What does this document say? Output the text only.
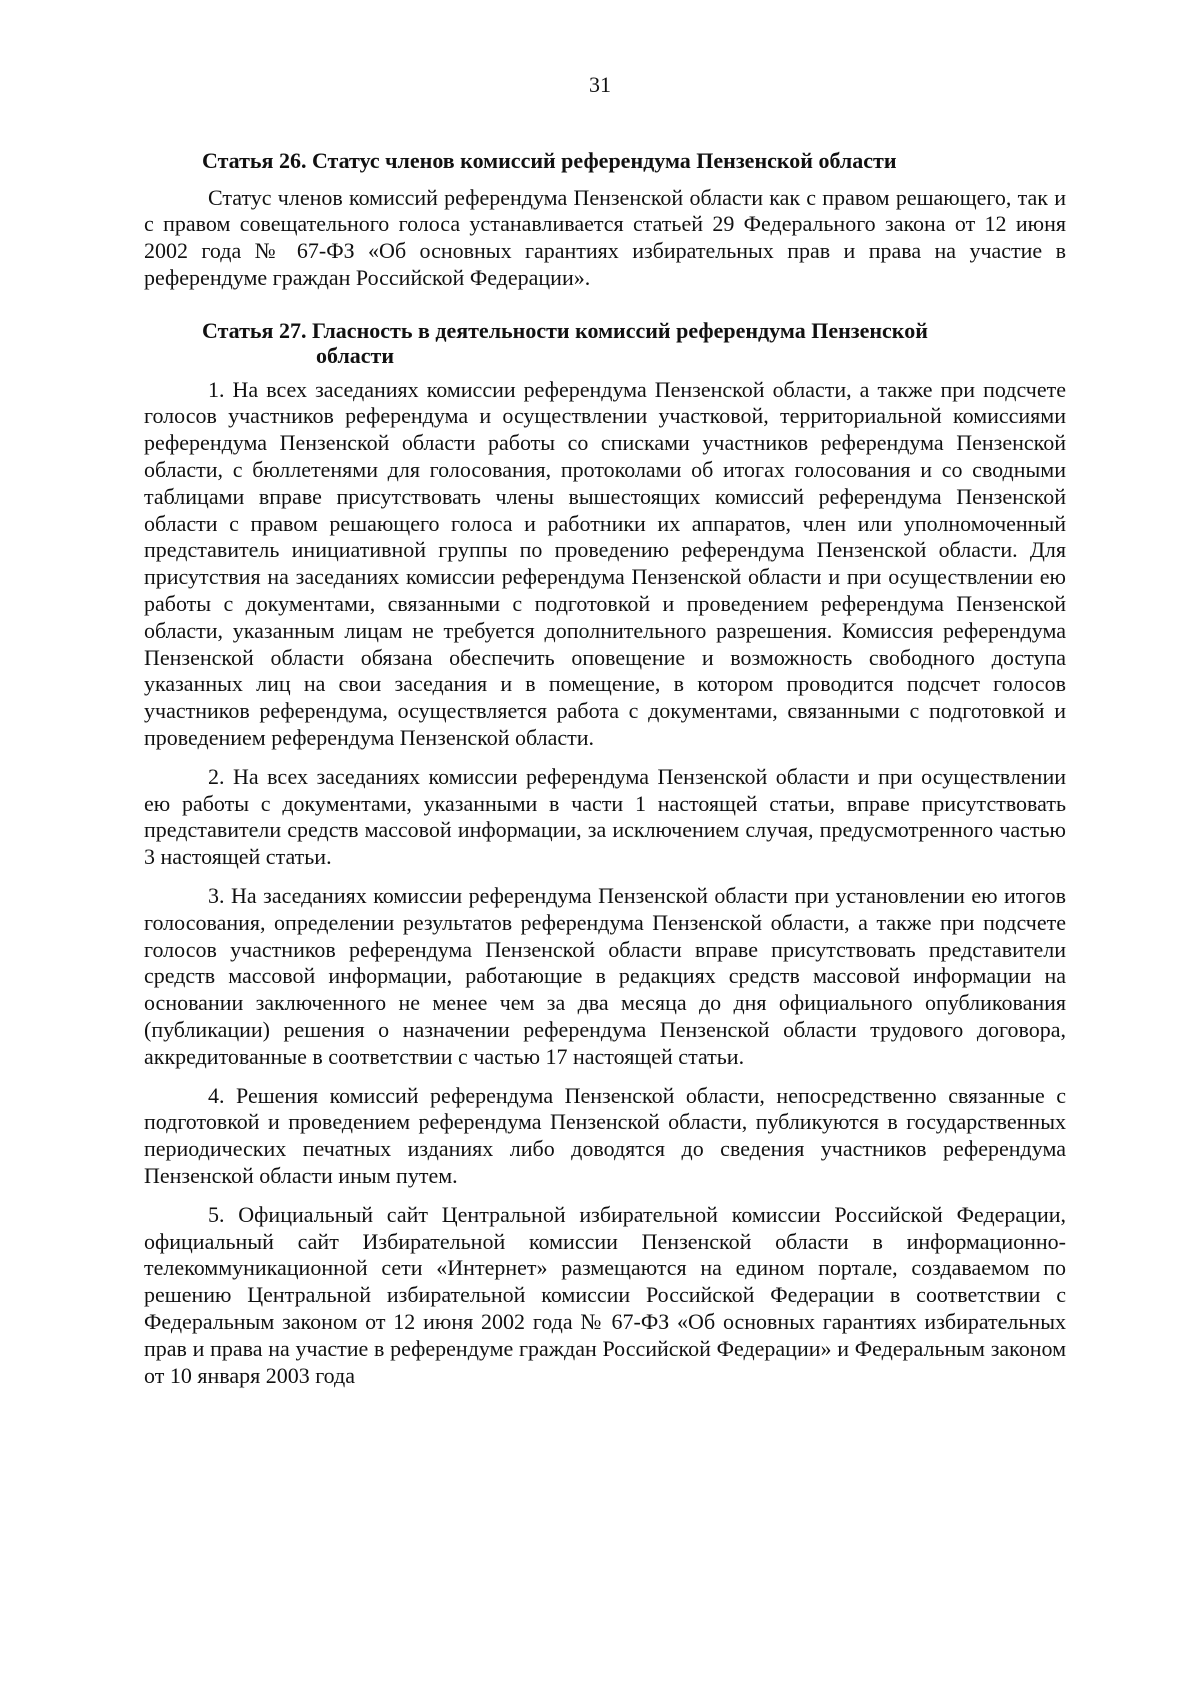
31
Статья 26. Статус членов комиссий референдума Пензенской области

Статус членов комиссий референдума Пензенской области как с правом решающего, так и с правом совещательного голоса устанавливается статьей 29 Федерального закона от 12 июня 2002 года № 67-ФЗ «Об основных гарантиях избирательных прав и права на участие в референдуме граждан Российской Федерации».

Статья 27. Гласность в деятельности комиссий референдума Пензенской
области

1. На всех заседаниях комиссии референдума Пензенской области, а также при подсчете голосов участников референдума и осуществлении участковой, территориальной комиссиями референдума Пензенской области работы со списками участников референдума Пензенской области, с бюллетенями для голосования, протоколами об итогах голосования и со сводными таблицами вправе присутствовать члены вышестоящих комиссий референдума Пензенской области с правом решающего голоса и работники их аппаратов, член или уполномоченный представитель инициативной группы по проведению референдума Пензенской области. Для присутствия на заседаниях комиссии референдума Пензенской области и при осуществлении ею работы с документами, связанными с подготовкой и проведением референдума Пензенской области, указанным лицам не требуется дополнительного разрешения. Комиссия референдума Пензенской области обязана обеспечить оповещение и возможность свободного доступа указанных лиц на свои заседания и в помещение, в котором проводится подсчет голосов участников референдума, осуществляется работа с документами, связанными с подготовкой и проведением референдума Пензенской области.

2. На всех заседаниях комиссии референдума Пензенской области и при осуществлении ею работы с документами, указанными в части 1 настоящей статьи, вправе присутствовать представители средств массовой информации, за исключением случая, предусмотренного частью 3 настоящей статьи.

3. На заседаниях комиссии референдума Пензенской области при установлении ею итогов голосования, определении результатов референдума Пензенской области, а также при подсчете голосов участников референдума Пензенской области вправе присутствовать представители средств массовой информации, работающие в редакциях средств массовой информации на основании заключенного не менее чем за два месяца до дня официального опубликования (публикации) решения о назначении референдума Пензенской области трудового договора, аккредитованные в соответствии с частью 17 настоящей статьи.

4. Решения комиссий референдума Пензенской области, непосредственно связанные с подготовкой и проведением референдума Пензенской области, публикуются в государственных периодических печатных изданиях либо доводятся до сведения участников референдума Пензенской области иным путем.

5. Официальный сайт Центральной избирательной комиссии Российской Федерации, официальный сайт Избирательной комиссии Пензенской области в информационно-телекоммуникационной сети «Интернет» размещаются на едином портале, создаваемом по решению Центральной избирательной комиссии Российской Федерации в соответствии с Федеральным законом от 12 июня 2002 года № 67-ФЗ «Об основных гарантиях избирательных прав и права на участие в референдуме граждан Российской Федерации» и Федеральным законом от 10 января 2003 года
